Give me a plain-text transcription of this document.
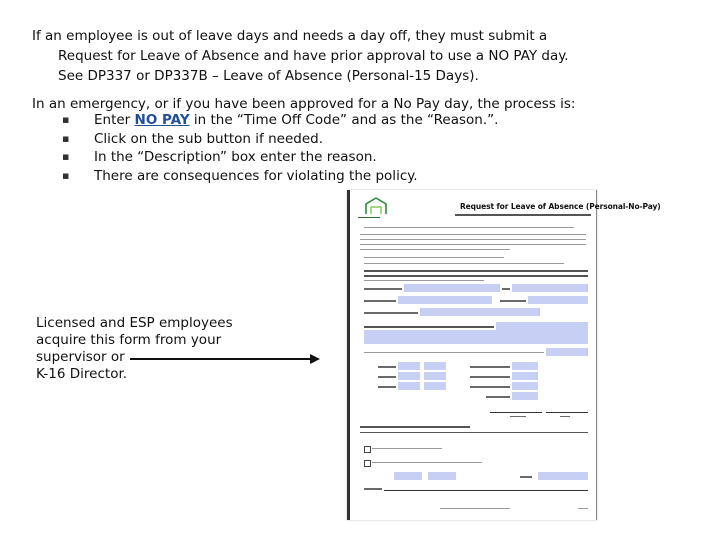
If an employee is out of leave days and needs a day off, they must submit a
Request for Leave of Absence and have prior approval to use a NO PAY day.
See DP337 or DP337B – Leave of Absence (Personal-15 Days).
In an emergency, or if you have been approved for a No Pay day, the process is:
▪ Enter NO PAY in the “Time Off Code” and as the “Reason.”.
▪ Click on the sub button if needed.
▪ In the “Description” box enter the reason.
▪ There are consequences for violating the policy.
Licensed and ESP employees
acquire this form from your
supervisor or
K-16 Director.
Request for Leave of Absence (Personal-No-Pay)
